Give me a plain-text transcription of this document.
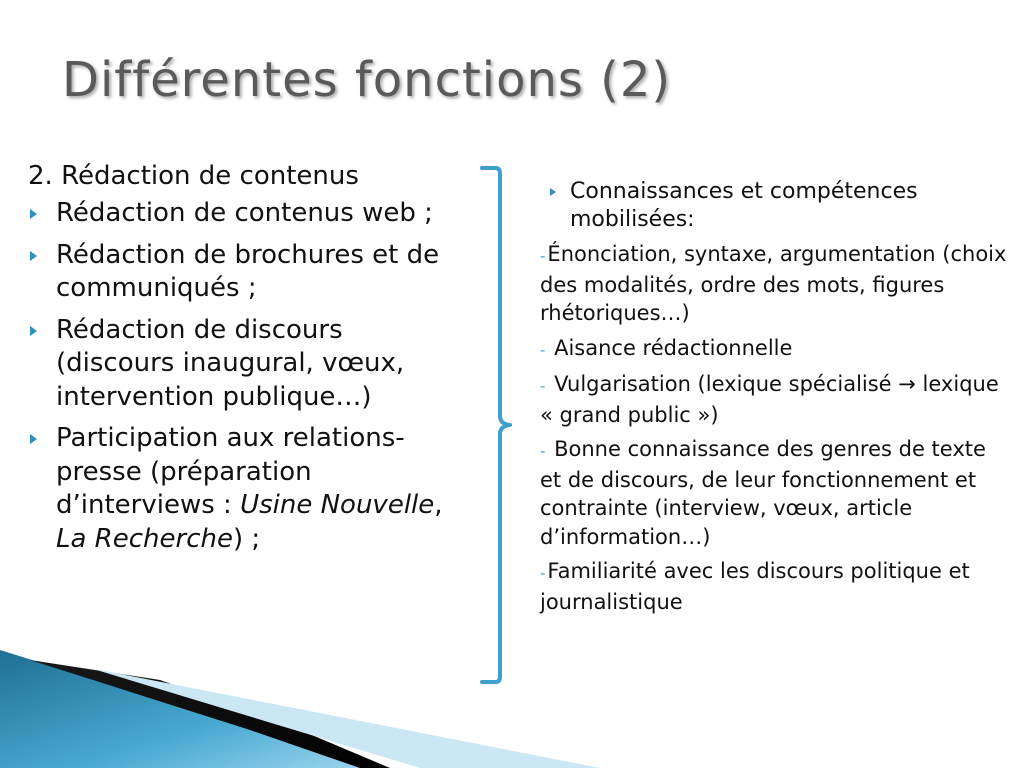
Différentes fonctions (2)

2. Rédaction de contenus

Rédaction de contenus web ;
Rédaction de brochures et de communiqués ;
Rédaction de discours (discours inaugural, vœux, intervention publique…)
Participation aux relations-presse (préparation d’interviews : Usine Nouvelle, La Recherche) ;
Connaissances et compétences mobilisées:

-Énonciation, syntaxe, argumentation (choix des modalités, ordre des mots, figures rhétoriques…)

- Aisance rédactionnelle

- Vulgarisation (lexique spécialisé → lexique « grand public »)

- Bonne connaissance des genres de texte et de discours, de leur fonctionnement et contrainte (interview, vœux, article d’information…)

-Familiarité avec les discours politique et journalistique
